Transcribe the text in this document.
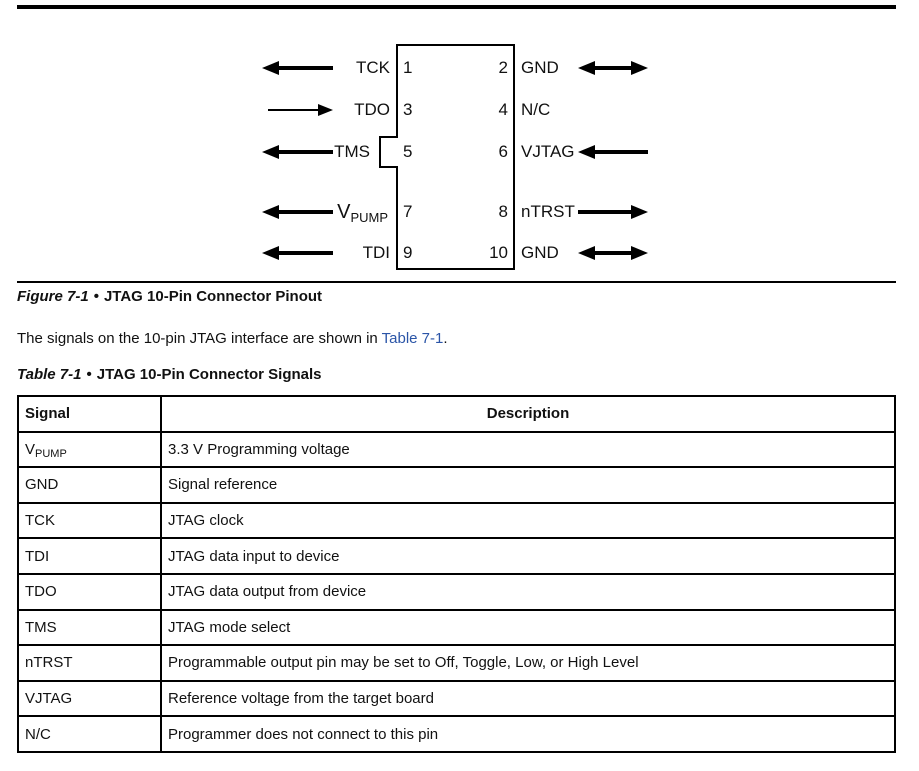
TCK 1	2 GND
TDO 3	4 N/C
TMS 5	6 VJTAG
$V_{PUMP}$ 7	8 nTRST
TDI 9	10 GND
Figure 7-1 • JTAG 10-Pin Connector Pinout

The signals on the 10-pin JTAG interface are shown in Table 7-1.

Table 7-1 • JTAG 10-Pin Connector Signals
Signal	Description
$V_{PUMP}$	3.3 V Programming voltage
GND	Signal reference
TCK	JTAG clock
TDI	JTAG data input to device
TDO	JTAG data output from device
TMS	JTAG mode select
nTRST	Programmable output pin may be set to Off, Toggle, Low, or High Level
VJTAG	Reference voltage from the target board
N/C	Programmer does not connect to this pin
